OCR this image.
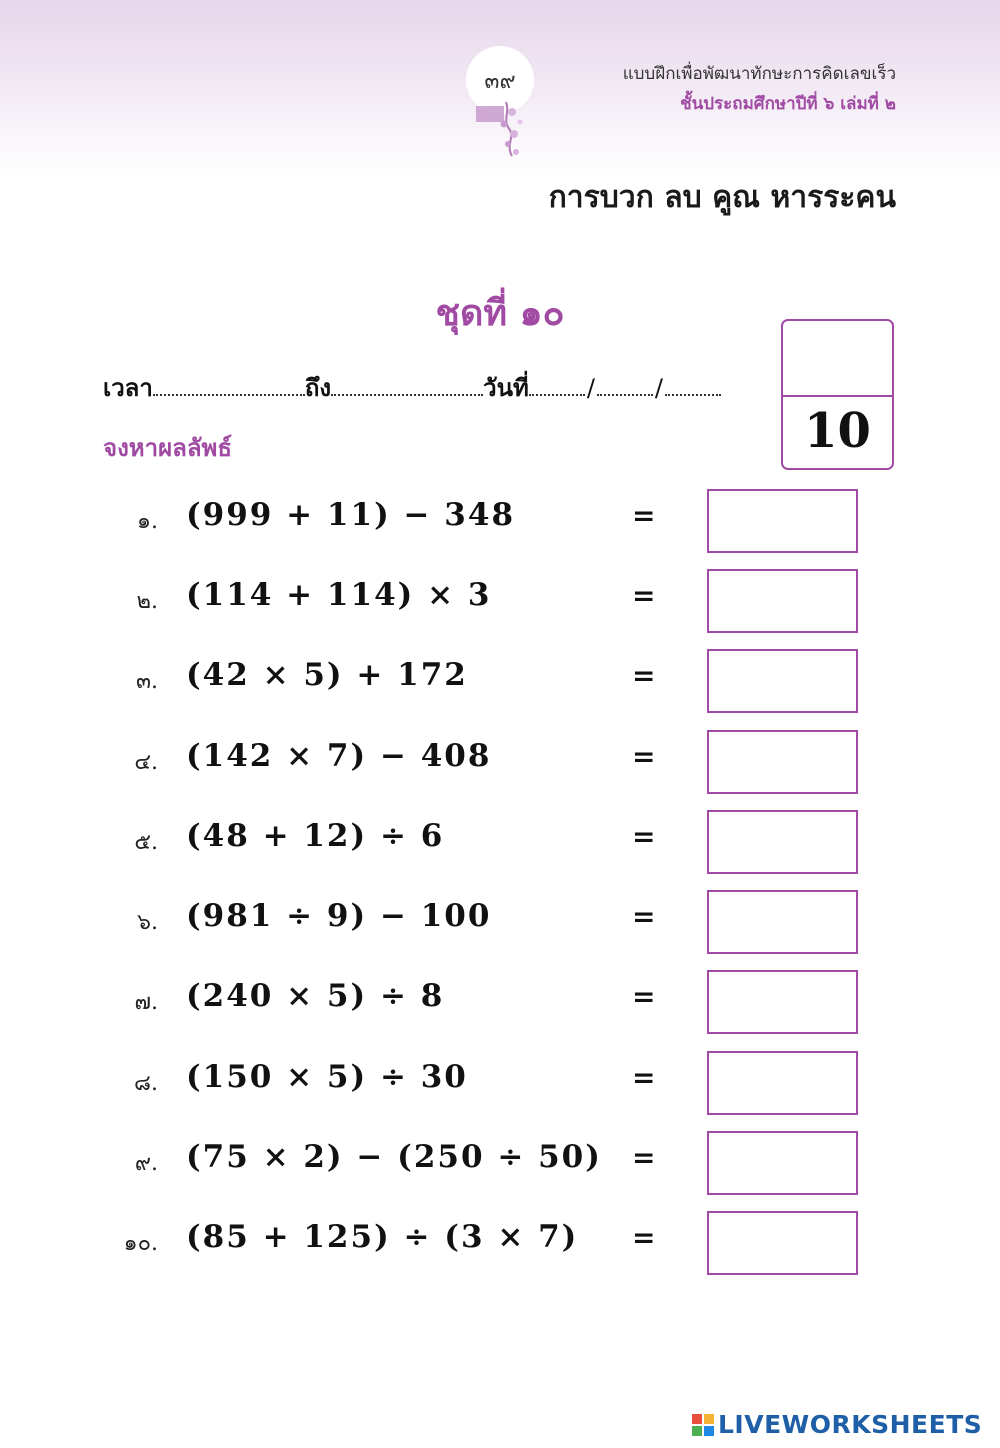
๓๙	แบบฝึกเพื่อพัฒนาทักษะการคิดเลขเร็ว
ชั้นประถมศึกษาปีที่ ๖ เล่มที่ ๒
การบวก ลบ คูณ หารระคน
ชุดที่ ๑๐
10
เวลา	ถึง	วันที่ /	/
จงหาผลลัพธ์
๑. (999 + 11) − 348	=
๒. (114 + 114) × 3	=
๓. (42 × 5) + 172	=
๔. (142 × 7) − 408	=
๕. (48 + 12) ÷ 6	=
๖. (981 ÷ 9) − 100	=
๗. (240 × 5) ÷ 8	=
๘. (150 × 5) ÷ 30	=
๙. (75 × 2) − (250 ÷ 50) =
๑๐. (85 + 125) ÷ (3 × 7) =
LIVEWORKSHEETS
